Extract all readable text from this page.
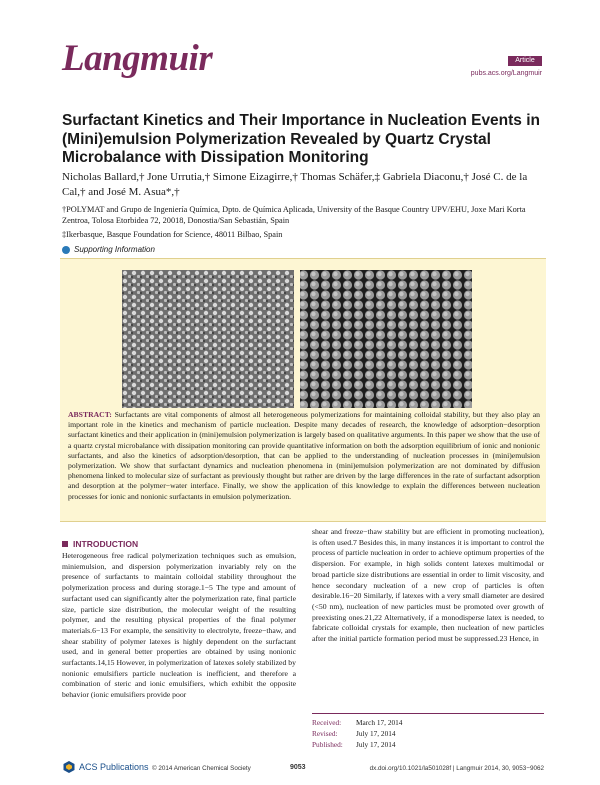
Langmuir	Article
pubs.acs.org/Langmuir
Surfactant Kinetics and Their Importance in Nucleation Events in (Mini)emulsion Polymerization Revealed by Quartz Crystal Microbalance with Dissipation Monitoring
Nicholas Ballard,† Jone Urrutia,† Simone Eizagirre,† Thomas Schäfer,‡ Gabriela Diaconu,† José C. de la Cal,† and José M. Asua*,†

†POLYMAT and Grupo de Ingeniería Química, Dpto. de Química Aplicada, University of the Basque Country UPV/EHU, Joxe Mari Korta Zentroa, Tolosa Etorbidea 72, 20018, Donostia/San Sebastián, Spain

‡Ikerbasque, Basque Foundation for Science, 48011 Bilbao, Spain

Supporting Information
ABSTRACT: Surfactants are vital components of almost all heterogeneous polymerizations for maintaining colloidal stability, but they also play an important role in the kinetics and mechanism of particle nucleation. Despite many decades of research, the knowledge of adsorption−desorption surfactant kinetics and their application in (mini)emulsion polymerization is largely based on qualitative arguments. In this paper we show that the use of a quartz crystal microbalance with dissipation monitoring can provide quantitative information on both the adsorption equilibrium of ionic and nonionic surfactants, and also the kinetics of adsorption/desorption, that can be applied to the understanding of nucleation processes in (mini)emulsion polymerization. We show that surfactant dynamics and nucleation phenomena in (mini)emulsion polymerization are not dominated by diffusion phenomena linked to molecular size of surfactant as previously thought but rather are driven by the large differences in the rate of surfactant adsorption and desorption at the polymer−water interface. Finally, we show the application of this knowledge to explain the differences between nucleation processes for ionic and nonionic surfactants in emulsion polymerization.
INTRODUCTION
Heterogeneous free radical polymerization techniques such as emulsion, miniemulsion, and dispersion polymerization invariably rely on the presence of surfactants to maintain colloidal stability throughout the polymerization process and during storage.1−5 The type and amount of surfactant used can significantly alter the polymerization rate, final particle size, particle size distribution, the molecular weight of the resulting polymer, and the resulting physical properties of the final polymer materials.6−13 For example, the sensitivity to electrolyte, freeze−thaw, and shear stability of polymer latexes is highly dependent on the surfactant used, and in general better properties are obtained by using nonionic surfactants.14,15 However, in polymerization of latexes solely stabilized by nonionic emulsifiers particle nucleation is inefficient, and therefore a combination of steric and ionic emulsifiers, which exhibit the opposite behavior (ionic emulsifiers provide poor
shear and freeze−thaw stability but are efficient in promoting nucleation), is often used.7 Besides this, in many instances it is important to control the process of particle nucleation in order to achieve optimum properties of the dispersion. For example, in high solids content latexes multimodal or broad particle size distributions are essential in order to limit viscosity, and hence secondary nucleation of a new crop of particles is often desirable.16−20 Similarly, if latexes with a very small diameter are desired (<50 nm), nucleation of new particles must be promoted over growth of preexisting ones.21,22 Alternatively, if a monodisperse latex is needed, to fabricate colloidal crystals for example, then nucleation of new particles after the initial particle formation period must be suppressed.23 Hence, in
Received: March 17, 2014
Revised:	July 17, 2014
Published: July 17, 2014
ACS Publications © 2014 American Chemical Society	9053	dx.doi.org/10.1021/la501028f | Langmuir 2014, 30, 9053−9062
